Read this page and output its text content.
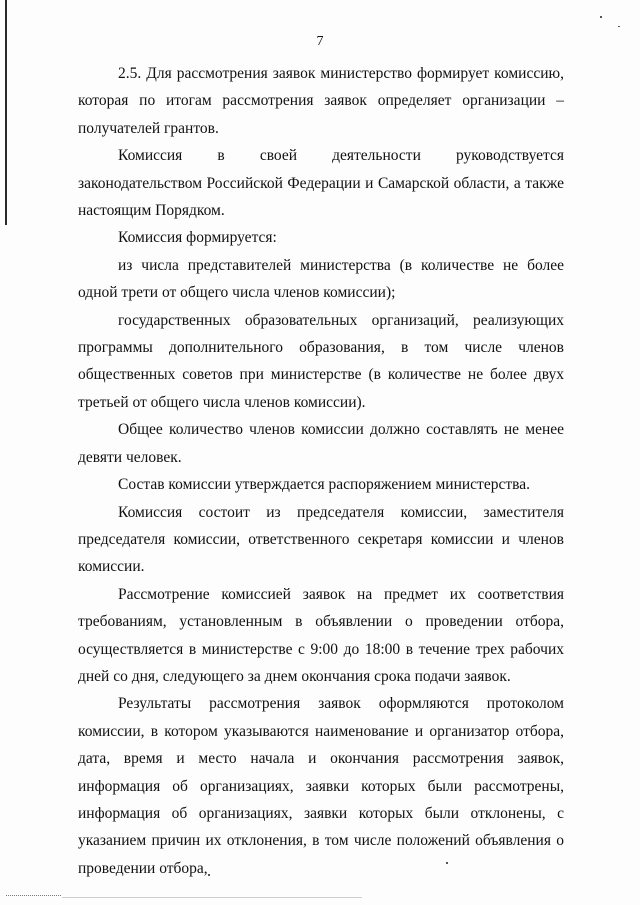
7

2.5. Для рассмотрения заявок министерство формирует комиссию, которая по итогам рассмотрения заявок определяет организации – получателей грантов.

Комиссия в своей деятельности руководствуется законодательством Российской Федерации и Самарской области, а также настоящим Порядком.

Комиссия формируется:

из числа представителей министерства (в количестве не более одной трети от общего числа членов комиссии);

государственных образовательных организаций, реализующих программы дополнительного образования, в том числе членов общественных советов при министерстве (в количестве не более двух третьей от общего числа членов комиссии).

Общее количество членов комиссии должно составлять не менее девяти человек.

Состав комиссии утверждается распоряжением министерства.

Комиссия состоит из председателя комиссии, заместителя председателя комиссии, ответственного секретаря комиссии и членов комиссии.

Рассмотрение комиссией заявок на предмет их соответствия требованиям, установленным в объявлении о проведении отбора, осуществляется в министерстве с 9:00 до 18:00 в течение трех рабочих дней со дня, следующего за днем окончания срока подачи заявок.

Результаты рассмотрения заявок оформляются протоколом комиссии, в котором указываются наименование и организатор отбора, дата, время и место начала и окончания рассмотрения заявок, информация об организациях, заявки которых были рассмотрены, информация об организациях, заявки которых были отклонены, с указанием причин их отклонения, в том числе положений объявления о проведении отбора,
